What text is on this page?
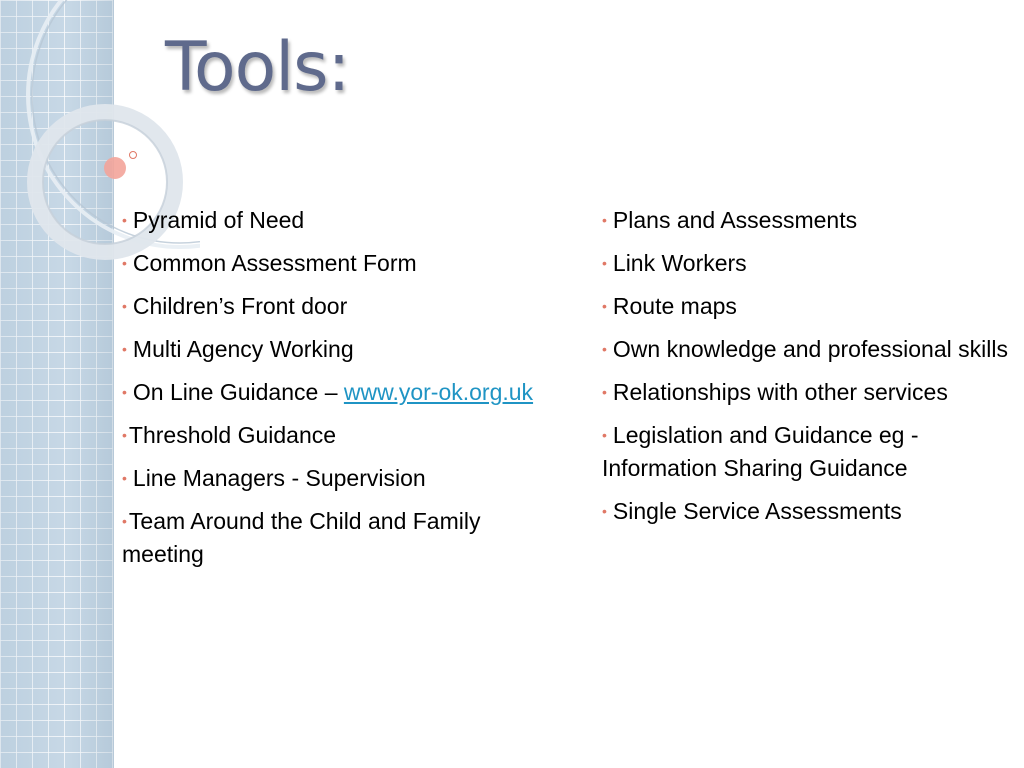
Tools:
• Pyramid of Need
• Common Assessment Form
• Children’s Front door
• Multi Agency Working
• On Line Guidance – www.yor-ok.org.uk
•Threshold Guidance
• Line Managers - Supervision
•Team Around the Child and Family meeting
• Plans and Assessments
• Link Workers
• Route maps
• Own knowledge and professional skills
• Relationships with other services
• Legislation and Guidance eg - Information Sharing Guidance
• Single Service Assessments
